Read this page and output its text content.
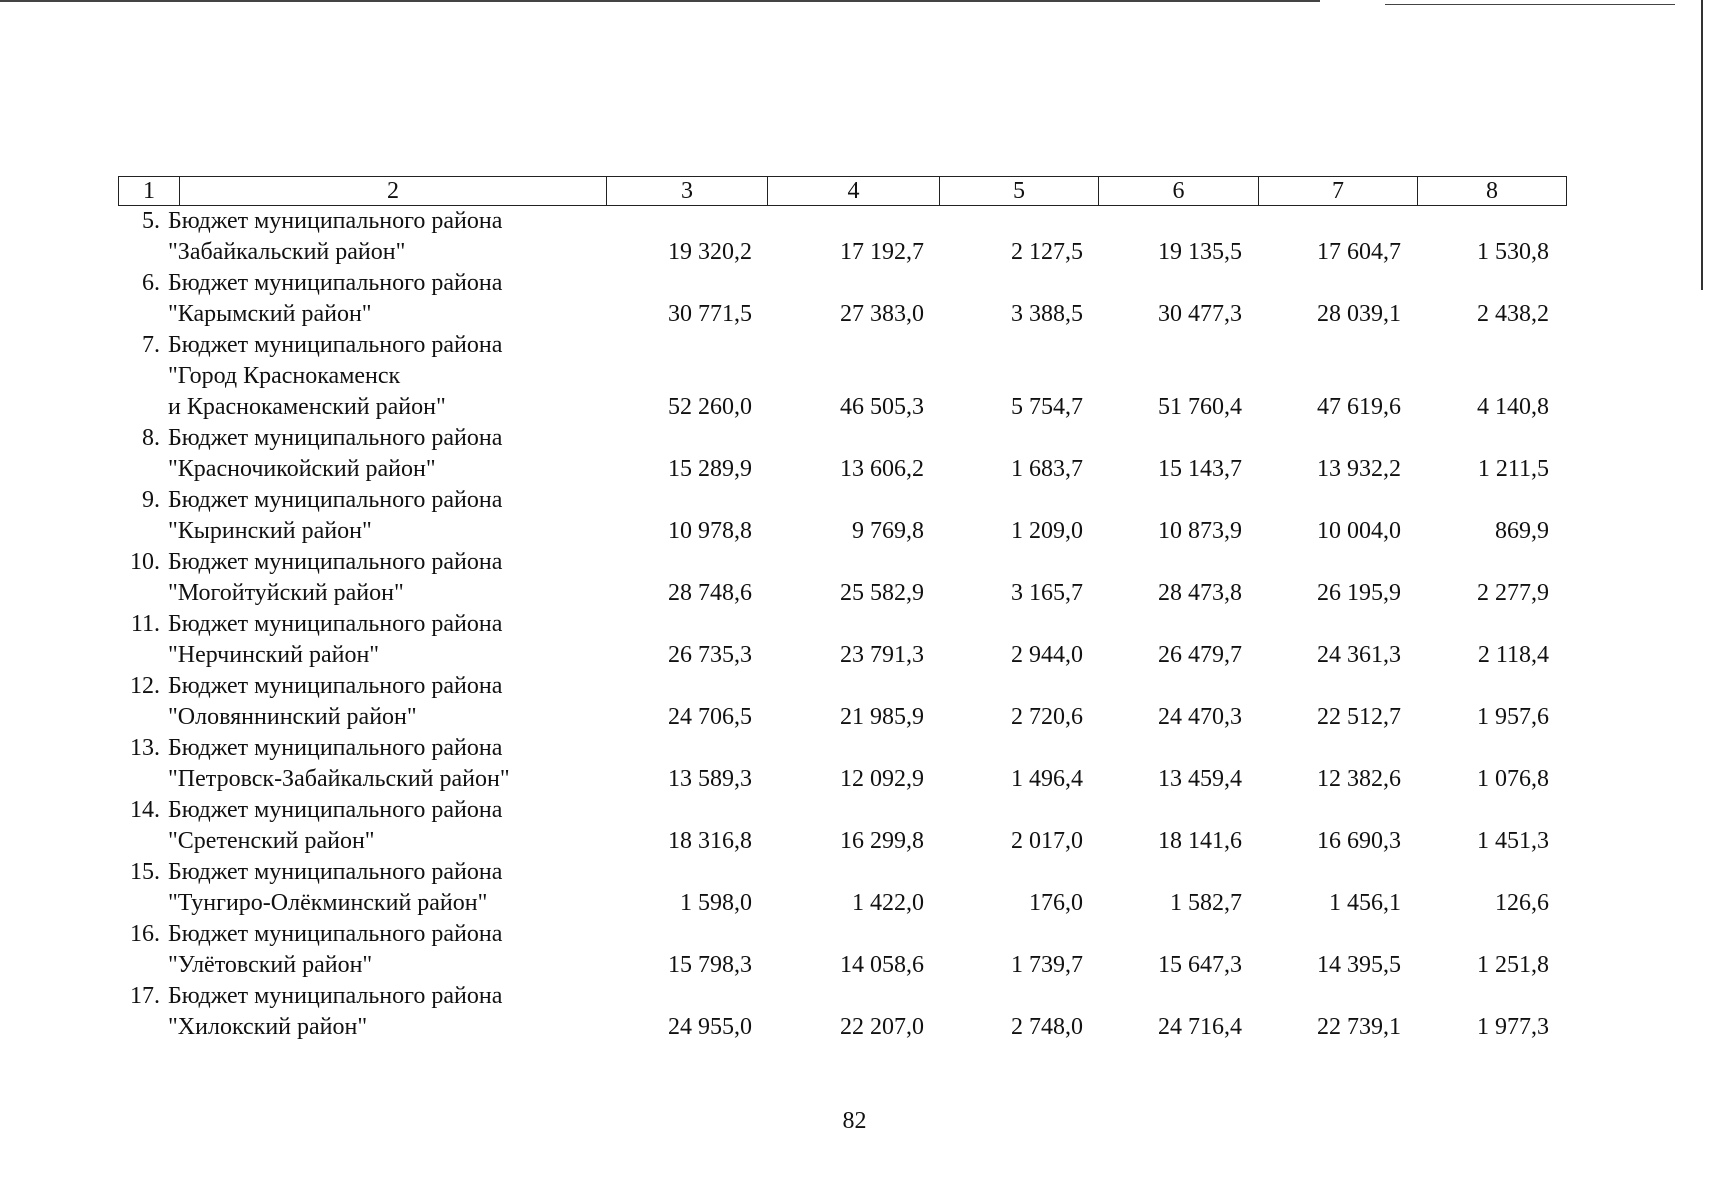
1	2	3	4	5	6	7	8
5. Бюджет муниципального района
"Забайкальский район"	19 320,2	17 192,7	2 127,5	19 135,5	17 604,7	1 530,8
6. Бюджет муниципального района
"Карымский район"	30 771,5	27 383,0	3 388,5	30 477,3	28 039,1	2 438,2
7. Бюджет муниципального района
"Город Краснокаменск
и Краснокаменский район"	52 260,0	46 505,3	5 754,7	51 760,4	47 619,6	4 140,8
8. Бюджет муниципального района
"Красночикойский район"	15 289,9	13 606,2	1 683,7	15 143,7	13 932,2	1 211,5
9. Бюджет муниципального района
"Кыринский район"	10 978,8	9 769,8	1 209,0	10 873,9	10 004,0	869,9
10. Бюджет муниципального района
"Могойтуйский район"	28 748,6	25 582,9	3 165,7	28 473,8	26 195,9	2 277,9
11. Бюджет муниципального района
"Нерчинский район"	26 735,3	23 791,3	2 944,0	26 479,7	24 361,3	2 118,4
12. Бюджет муниципального района
"Оловяннинский район"	24 706,5	21 985,9	2 720,6	24 470,3	22 512,7	1 957,6
13. Бюджет муниципального района
"Петровск-Забайкальский район"	13 589,3	12 092,9	1 496,4	13 459,4	12 382,6	1 076,8
14. Бюджет муниципального района
"Сретенский район"	18 316,8	16 299,8	2 017,0	18 141,6	16 690,3	1 451,3
15. Бюджет муниципального района
"Тунгиро-Олёкминский район"	1 598,0	1 422,0	176,0	1 582,7	1 456,1	126,6
16. Бюджет муниципального района
"Улётовский район"	15 798,3	14 058,6	1 739,7	15 647,3	14 395,5	1 251,8
17. Бюджет муниципального района
"Хилокский район"	24 955,0	22 207,0	2 748,0	24 716,4	22 739,1	1 977,3
82
